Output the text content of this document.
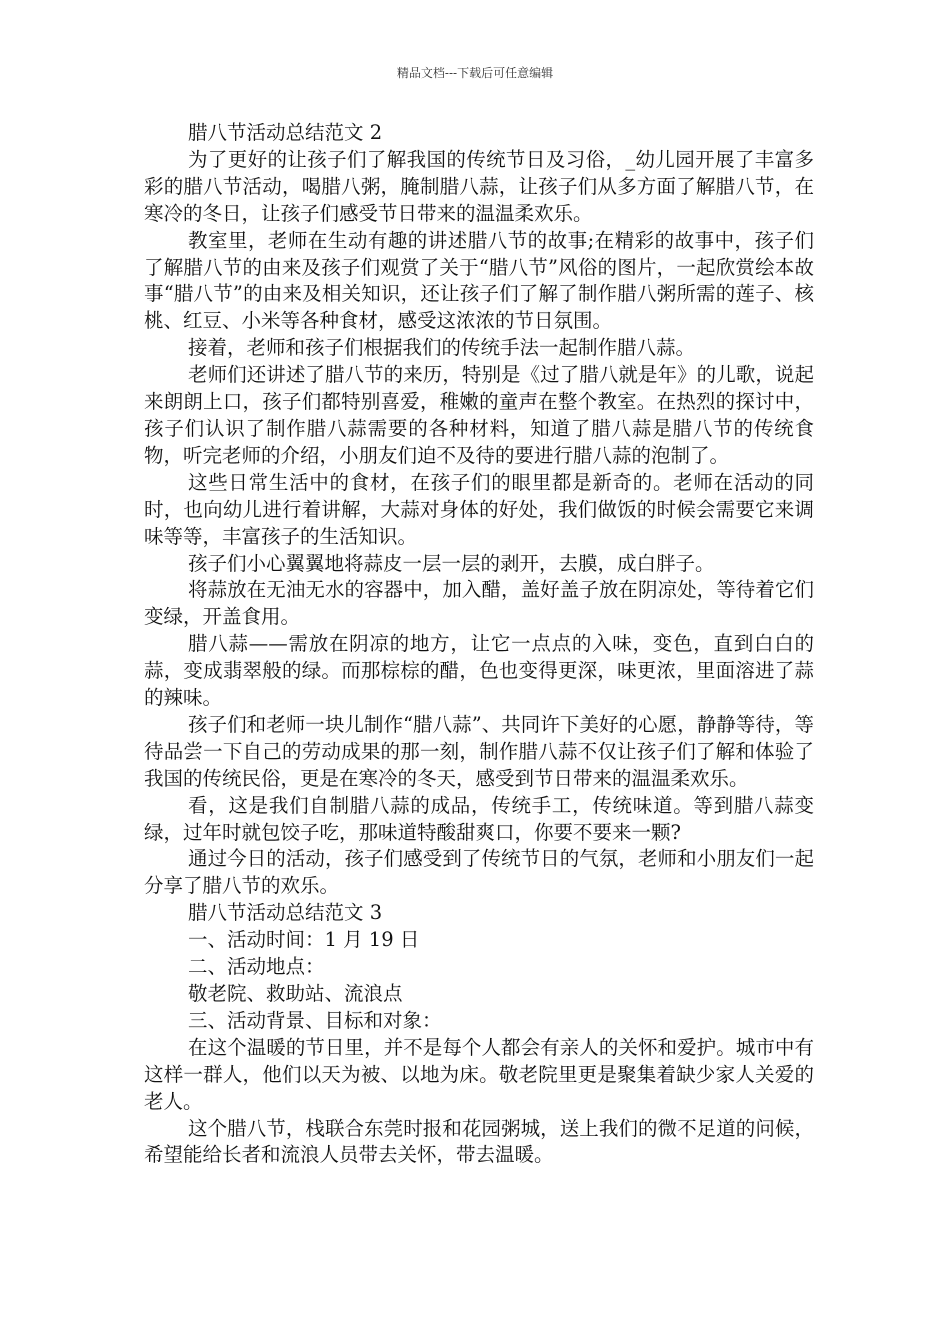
精品文档---下载后可任意编辑

腊八节活动总结范文 2

为了更好的让孩子们了解我国的传统节日及习俗，_幼儿园开展了丰富多彩的腊八节活动，喝腊八粥，腌制腊八蒜，让孩子们从多方面了解腊八节，在寒冷的冬日，让孩子们感受节日带来的温温柔欢乐。

教室里，老师在生动有趣的讲述腊八节的故事;在精彩的故事中，孩子们了解腊八节的由来及孩子们观赏了关于“腊八节”风俗的图片，一起欣赏绘本故事“腊八节”的由来及相关知识，还让孩子们了解了制作腊八粥所需的莲子、核桃、红豆、小米等各种食材，感受这浓浓的节日氛围。

接着，老师和孩子们根据我们的传统手法一起制作腊八蒜。

老师们还讲述了腊八节的来历，特别是《过了腊八就是年》的儿歌，说起来朗朗上口，孩子们都特别喜爱，稚嫩的童声在整个教室。在热烈的探讨中，孩子们认识了制作腊八蒜需要的各种材料，知道了腊八蒜是腊八节的传统食物，听完老师的介绍，小朋友们迫不及待的要进行腊八蒜的泡制了。

这些日常生活中的食材，在孩子们的眼里都是新奇的。老师在活动的同时，也向幼儿进行着讲解，大蒜对身体的好处，我们做饭的时候会需要它来调味等等，丰富孩子的生活知识。

孩子们小心翼翼地将蒜皮一层一层的剥开，去膜，成白胖子。

将蒜放在无油无水的容器中，加入醋，盖好盖子放在阴凉处，等待着它们变绿，开盖食用。

腊八蒜——需放在阴凉的地方，让它一点点的入味，变色，直到白白的蒜，变成翡翠般的绿。而那棕棕的醋，色也变得更深，味更浓，里面溶进了蒜的辣味。

孩子们和老师一块儿制作“腊八蒜”、共同许下美好的心愿，静静等待，等待品尝一下自己的劳动成果的那一刻，制作腊八蒜不仅让孩子们了解和体验了我国的传统民俗，更是在寒冷的冬天，感受到节日带来的温温柔欢乐。

看，这是我们自制腊八蒜的成品，传统手工，传统味道。等到腊八蒜变绿，过年时就包饺子吃，那味道特酸甜爽口，你要不要来一颗?

通过今日的活动，孩子们感受到了传统节日的气氛，老师和小朋友们一起分享了腊八节的欢乐。

腊八节活动总结范文 3

一、活动时间：1 月 19 日

二、活动地点：

敬老院、救助站、流浪点

三、活动背景、目标和对象：

在这个温暖的节日里，并不是每个人都会有亲人的关怀和爱护。城市中有这样一群人，他们以天为被、以地为床。敬老院里更是聚集着缺少家人关爱的老人。

这个腊八节，栈联合东莞时报和花园粥城，送上我们的微不足道的问候，希望能给长者和流浪人员带去关怀，带去温暖。
